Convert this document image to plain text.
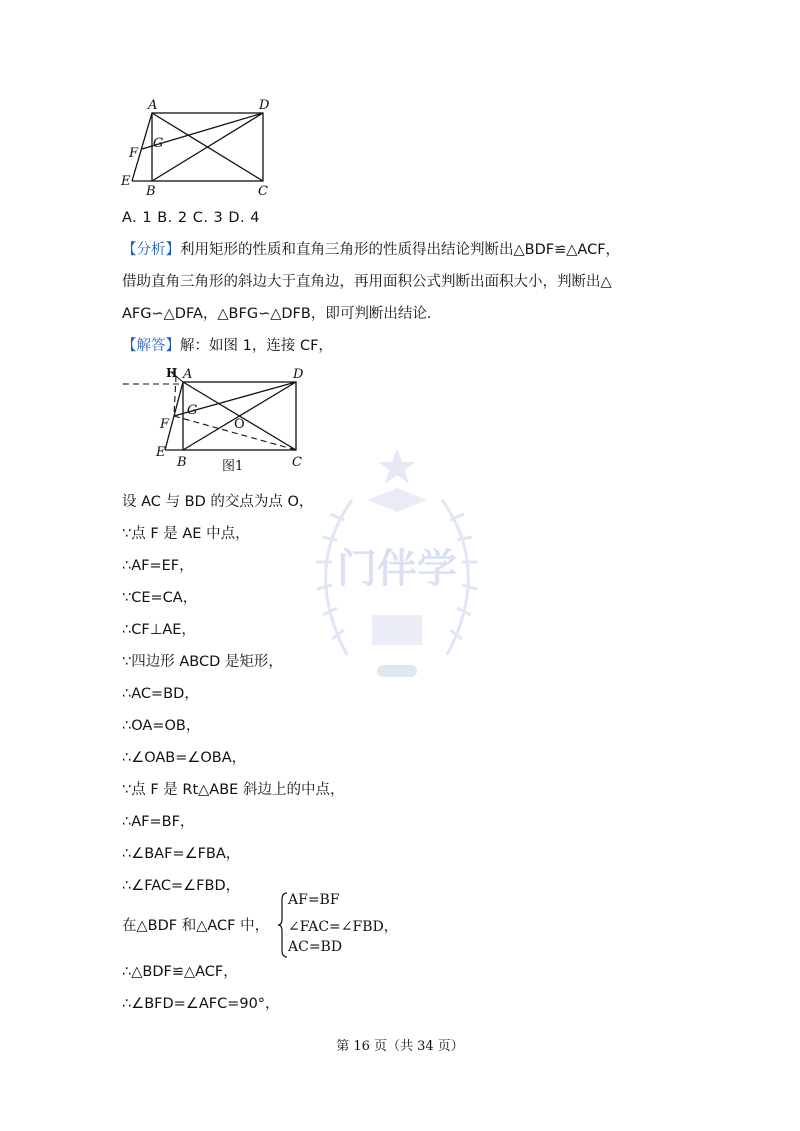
门伴学
A	D
F
G
E
B	C
A. 1 B. 2 C. 3 D. 4
【分析】利用矩形的性质和直角三角形的性质得出结论判断出△BDF≌△ACF，
借助直角三角形的斜边大于直角边，再用面积公式判断出面积大小，判断出△
AFG∽△DFA，△BFG∽△DFB，即可判断出结论．
【解答】解：如图 1，连接 CF，
H A	D
G
F	O
E
B	C
图1
设 AC 与 BD 的交点为点 O，
∵点 F 是 AE 中点，
∴AF=EF，
∵CE=CA，
∴CF⊥AE，
∵四边形 ABCD 是矩形，
∴AC=BD，
∴OA=OB，
∴∠OAB=∠OBA，
∵点 F 是 Rt△ABE 斜边上的中点，
∴AF=BF，
∴∠BAF=∠FBA，
∴∠FAC=∠FBD，
在△BDF 和△ACF 中，
AF=BF
∠FAC=∠FBD，
AC=BD
∴△BDF≌△ACF，
∴∠BFD=∠AFC=90°，
第 16 页（共 34 页）
